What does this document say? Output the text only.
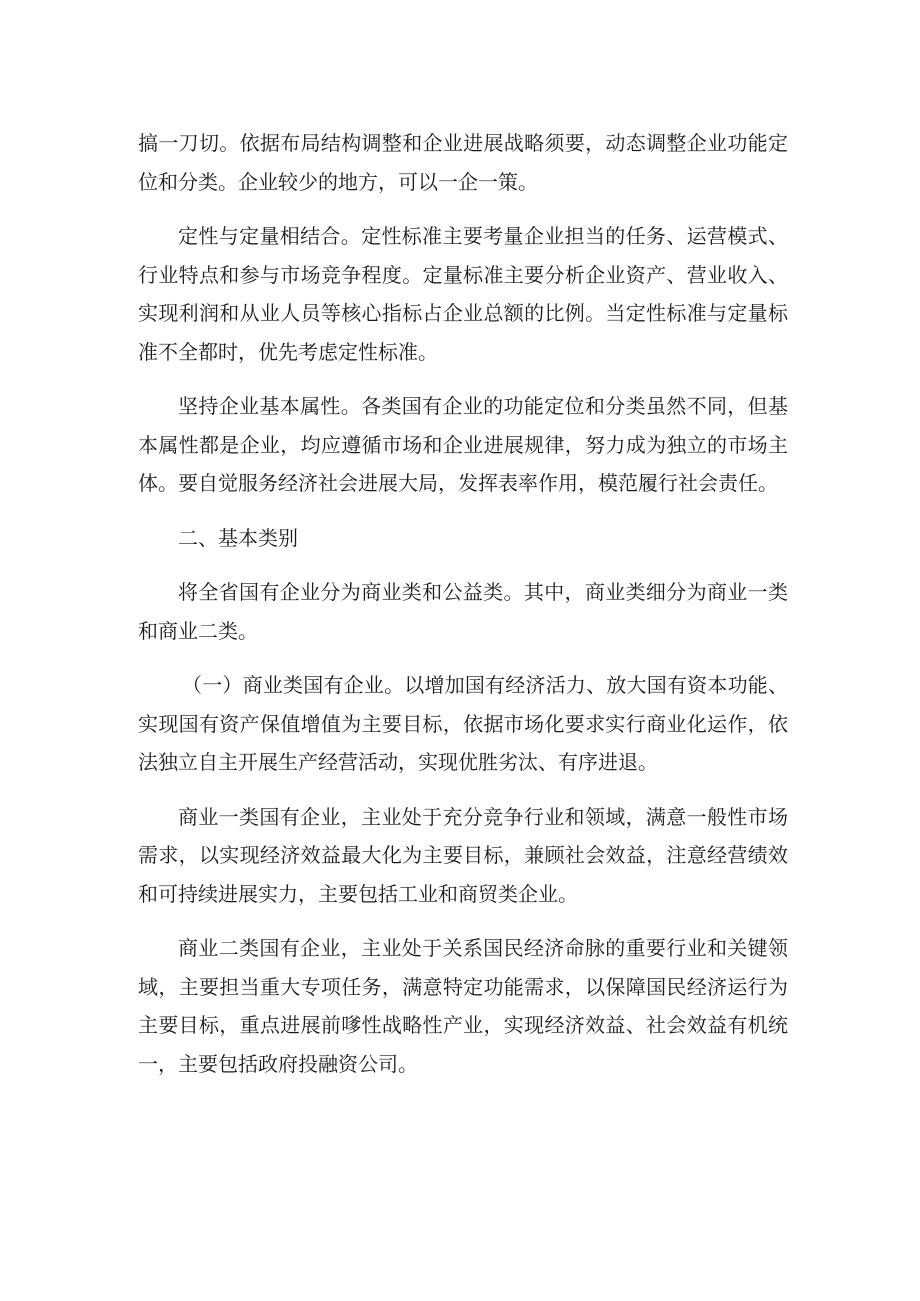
搞一刀切。依据布局结构调整和企业进展战略须要，动态调整企业功能定位和分类。企业较少的地方，可以一企一策。

定性与定量相结合。定性标准主要考量企业担当的任务、运营模式、行业特点和参与市场竞争程度。定量标准主要分析企业资产、营业收入、实现利润和从业人员等核心指标占企业总额的比例。当定性标准与定量标准不全都时，优先考虑定性标准。

坚持企业基本属性。各类国有企业的功能定位和分类虽然不同，但基本属性都是企业，均应遵循市场和企业进展规律，努力成为独立的市场主体。要自觉服务经济社会进展大局，发挥表率作用，模范履行社会责任。

二、基本类别

将全省国有企业分为商业类和公益类。其中，商业类细分为商业一类和商业二类。

（一）商业类国有企业。以增加国有经济活力、放大国有资本功能、实现国有资产保值增值为主要目标，依据市场化要求实行商业化运作，依法独立自主开展生产经营活动，实现优胜劣汰、有序进退。

商业一类国有企业，主业处于充分竞争行业和领域，满意一般性市场需求，以实现经济效益最大化为主要目标，兼顾社会效益，注意经营绩效和可持续进展实力，主要包括工业和商贸类企业。

商业二类国有企业，主业处于关系国民经济命脉的重要行业和关键领域，主要担当重大专项任务，满意特定功能需求，以保障国民经济运行为主要目标，重点进展前嗲性战略性产业，实现经济效益、社会效益有机统一，主要包括政府投融资公司。
